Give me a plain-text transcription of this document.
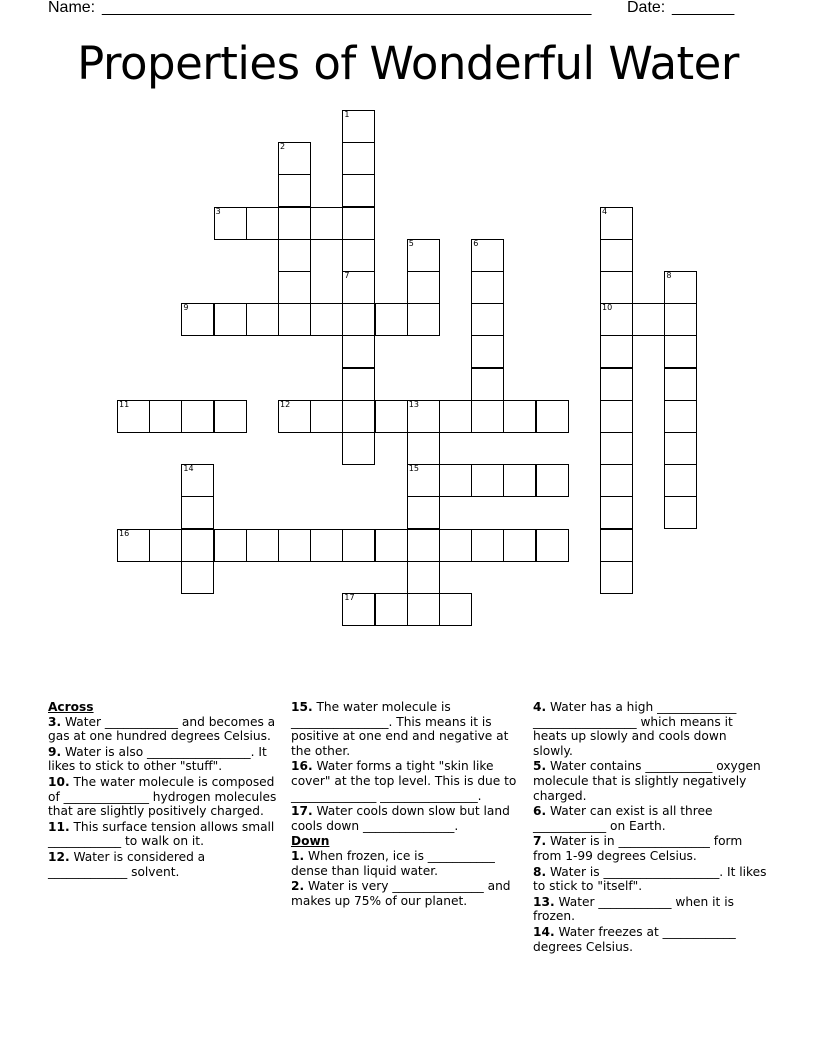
Name: _______________________________________________________ Date: _______
Properties of Wonderful Water
1
2
3	4
5	6
7	8
9	10
11	12	13
14	15
16
17
Across
3. Water ____________ and becomes a gas at one hundred degrees Celsius.
9. Water is also _________________. It likes to stick to other "stuff".
10. The water molecule is composed of ______________ hydrogen molecules that are slightly positively charged.
11. This surface tension allows small ____________ to walk on it.
12. Water is considered a _____________ solvent.
15. The water molecule is ________________. This means it is positive at one end and negative at the other.
16. Water forms a tight "skin like cover" at the top level. This is due to ______________ ________________.
17. Water cools down slow but land cools down _______________.
Down
1. When frozen, ice is ___________ dense than liquid water.
2. Water is very _______________ and makes up 75% of our planet.
4. Water has a high _____________ _________________ which means it heats up slowly and cools down slowly.
5. Water contains ___________ oxygen molecule that is slightly negatively charged.
6. Water can exist is all three ____________ on Earth.
7. Water is in _______________ form from 1-99 degrees Celsius.
8. Water is ___________________. It likes to stick to "itself".
13. Water ____________ when it is frozen.
14. Water freezes at ____________ degrees Celsius.
